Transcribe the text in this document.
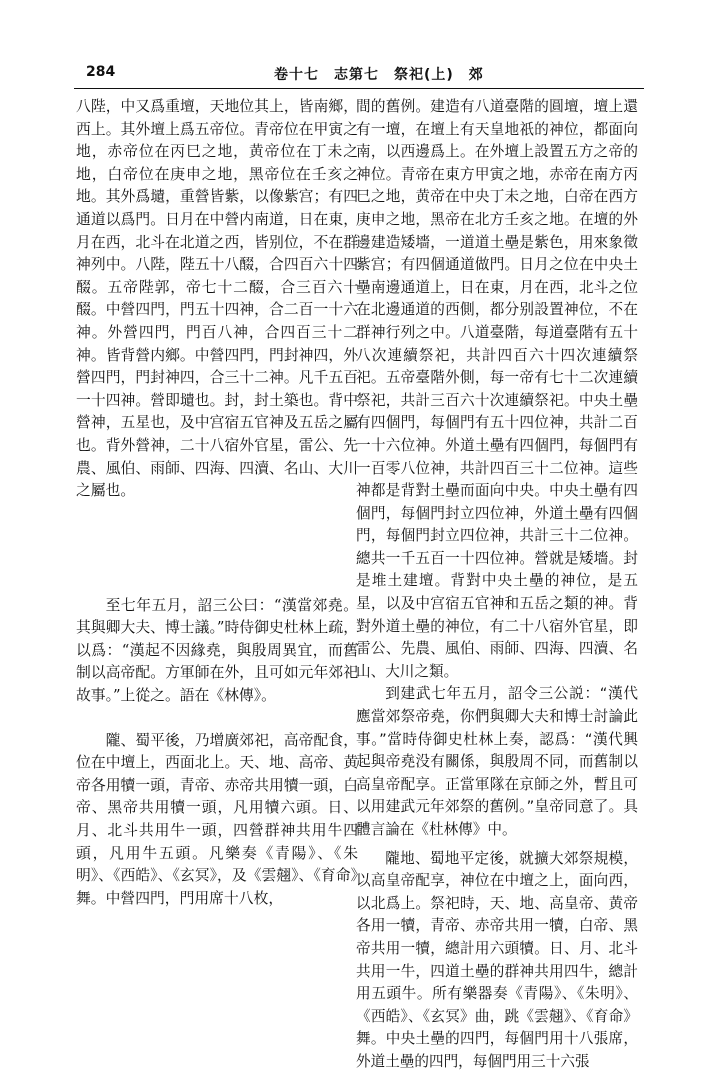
284	卷十七　志第七　祭祀(上)　郊

八陛，中又爲重壇，天地位其上，皆南鄉，西上。其外壇上爲五帝位。青帝位在甲寅之地，赤帝位在丙巳之地，黄帝位在丁未之地，白帝位在庚申之地，黑帝位在壬亥之地。其外爲壝，重營皆紫，以像紫宫；有四通道以爲門。日月在中營内南道，日在東，月在西，北斗在北道之西，皆别位，不在群神列中。八陛，陛五十八醊，合四百六十四醊。五帝陛郭，帝七十二醊，合三百六十醊。中營四門，門五十四神，合二百一十六神。外營四門，門百八神，合四百三十二神。皆背營内鄉。中營四門，門封神四，外營四門，門封神四，合三十二神。凡千五百一十四神。營即壝也。封，封土築也。背中營神，五星也，及中宫宿五官神及五岳之屬也。背外營神，二十八宿外官星，雷公、先農、風伯、雨師、四海、四瀆、名山、大川之屬也。

至七年五月，詔三公曰：“漢當郊堯。其與卿大夫、博士議。”時侍御史杜林上疏，以爲：“漢起不因緣堯，與殷周異宜，而舊制以高帝配。方軍師在外，且可如元年郊祀故事。”上從之。語在《林傳》。

隴、蜀平後，乃增廣郊祀，高帝配食，位在中壇上，西面北上。天、地、高帝、黄帝各用犢一頭，青帝、赤帝共用犢一頭，白帝、黑帝共用犢一頭，凡用犢六頭。日、月、北斗共用牛一頭，四營群神共用牛四頭，凡用牛五頭。凡樂奏《青陽》、《朱明》、《西皓》、《玄冥》，及《雲翹》、《育命》舞。中營四門，門用席十八枚，

間的舊例。建造有八道臺階的圓壇，壇上還有一壇，在壇上有天皇地祇的神位，都面向南，以西邊爲上。在外壇上設置五方之帝的神位。青帝在東方甲寅之地，赤帝在南方丙巳之地，黄帝在中央丁未之地，白帝在西方庚申之地，黑帝在北方壬亥之地。在壇的外邊建造矮墻，一道道土壘是紫色，用來象徵紫宫；有四個通道做門。日月之位在中央土壘南邊通道上，日在東，月在西，北斗之位在北邊通道的西側，都分别設置神位，不在群神行列之中。八道臺階，每道臺階有五十八次連續祭祀，共計四百六十四次連續祭祀。五帝臺階外側，每一帝有七十二次連續祭祀，共計三百六十次連續祭祀。中央土壘有四個門，每個門有五十四位神，共計二百一十六位神。外道土壘有四個門，每個門有一百零八位神，共計四百三十二位神。這些神都是背對土壘而面向中央。中央土壘有四個門，每個門封立四位神，外道土壘有四個門，每個門封立四位神，共計三十二位神。總共一千五百一十四位神。營就是矮墻。封是堆土建壇。背對中央土壘的神位，是五星，以及中宫宿五官神和五岳之類的神。背對外道土壘的神位，有二十八宿外官星，即雷公、先農、風伯、雨師、四海、四瀆、名山、大川之類。

到建武七年五月，詔令三公説：“漢代應當郊祭帝堯，你們與卿大夫和博士討論此事。”當時侍御史杜林上奏，認爲：“漢代興起與帝堯没有關係，與殷周不同，而舊制以高皇帝配享。正當軍隊在京師之外，暫且可以用建武元年郊祭的舊例。”皇帝同意了。具體言論在《杜林傳》中。

隴地、蜀地平定後，就擴大郊祭規模，以高皇帝配享，神位在中壇之上，面向西，以北爲上。祭祀時，天、地、高皇帝、黄帝各用一犢，青帝、赤帝共用一犢，白帝、黑帝共用一犢，總計用六頭犢。日、月、北斗共用一牛，四道土壘的群神共用四牛，總計用五頭牛。所有樂器奏《青陽》、《朱明》、《西皓》、《玄冥》曲，跳《雲翹》、《育命》舞。中央土壘的四門，每個門用十八張席，外道土壘的四門，每個門用三十六張
